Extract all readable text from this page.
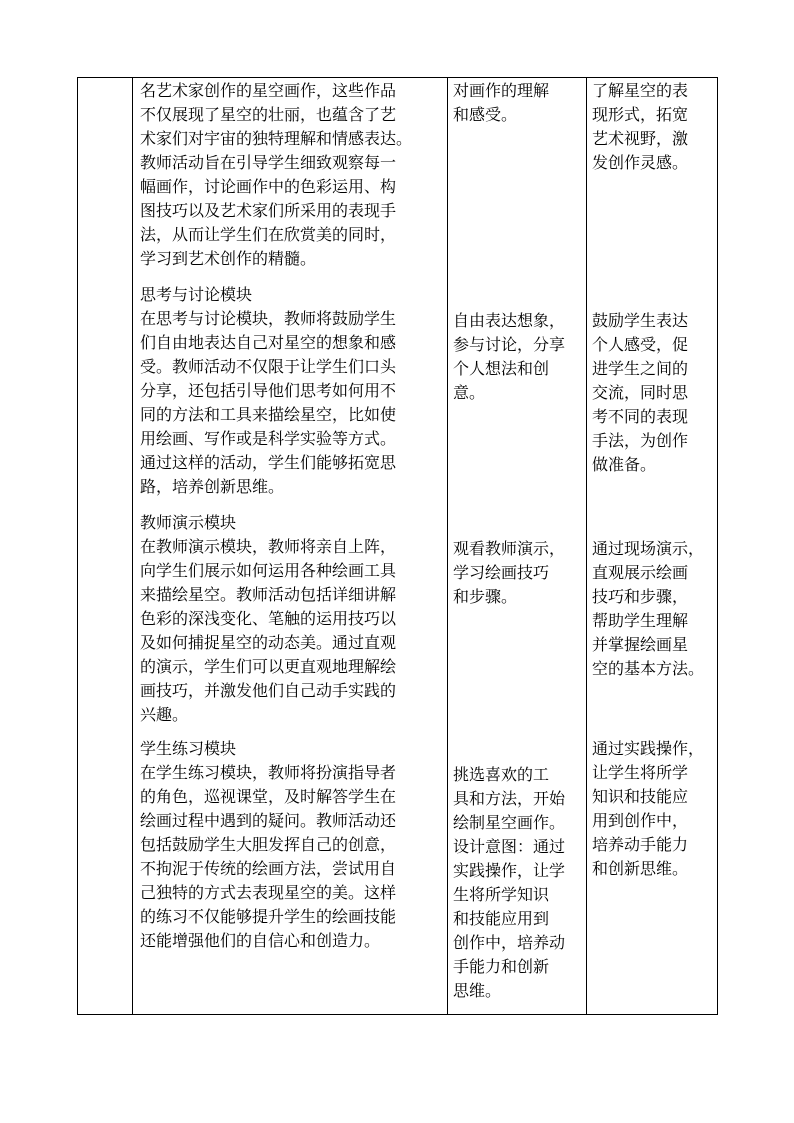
名艺术家创作的星空画作，这些作品

不仅展现了星空的壮丽，也蕴含了艺

术家们对宇宙的独特理解和情感表达。

教师活动旨在引导学生细致观察每一

幅画作，讨论画作中的色彩运用、构

图技巧以及艺术家们所采用的表现手

法，从而让学生们在欣赏美的同时，

学习到艺术创作的精髓。

对画作的理解

和感受。

了解星空的表

现形式，拓宽

艺术视野，激

发创作灵感。

思考与讨论模块

在思考与讨论模块，教师将鼓励学生

们自由地表达自己对星空的想象和感

受。教师活动不仅限于让学生们口头

分享，还包括引导他们思考如何用不

同的方法和工具来描绘星空，比如使

用绘画、写作或是科学实验等方式。

通过这样的活动，学生们能够拓宽思

路，培养创新思维。

自由表达想象，

参与讨论，分享

个人想法和创

意。

鼓励学生表达

个人感受，促

进学生之间的

交流，同时思

考不同的表现

手法，为创作

做准备。

教师演示模块

在教师演示模块，教师将亲自上阵，

向学生们展示如何运用各种绘画工具

来描绘星空。教师活动包括详细讲解

色彩的深浅变化、笔触的运用技巧以

及如何捕捉星空的动态美。通过直观

的演示，学生们可以更直观地理解绘

画技巧，并激发他们自己动手实践的

兴趣。

观看教师演示，

学习绘画技巧

和步骤。

通过现场演示，

直观展示绘画

技巧和步骤，

帮助学生理解

并掌握绘画星

空的基本方法。

学生练习模块

在学生练习模块，教师将扮演指导者

的角色，巡视课堂，及时解答学生在

绘画过程中遇到的疑问。教师活动还

包括鼓励学生大胆发挥自己的创意，

不拘泥于传统的绘画方法，尝试用自

己独特的方式去表现星空的美。这样

的练习不仅能够提升学生的绘画技能

还能增强他们的自信心和创造力。

挑选喜欢的工

具和方法，开始

绘制星空画作。

设计意图：通过

实践操作，让学

生将所学知识

和技能应用到

创作中，培养动

手能力和创新

思维。

通过实践操作，

让学生将所学

知识和技能应

用到创作中，

培养动手能力

和创新思维。
